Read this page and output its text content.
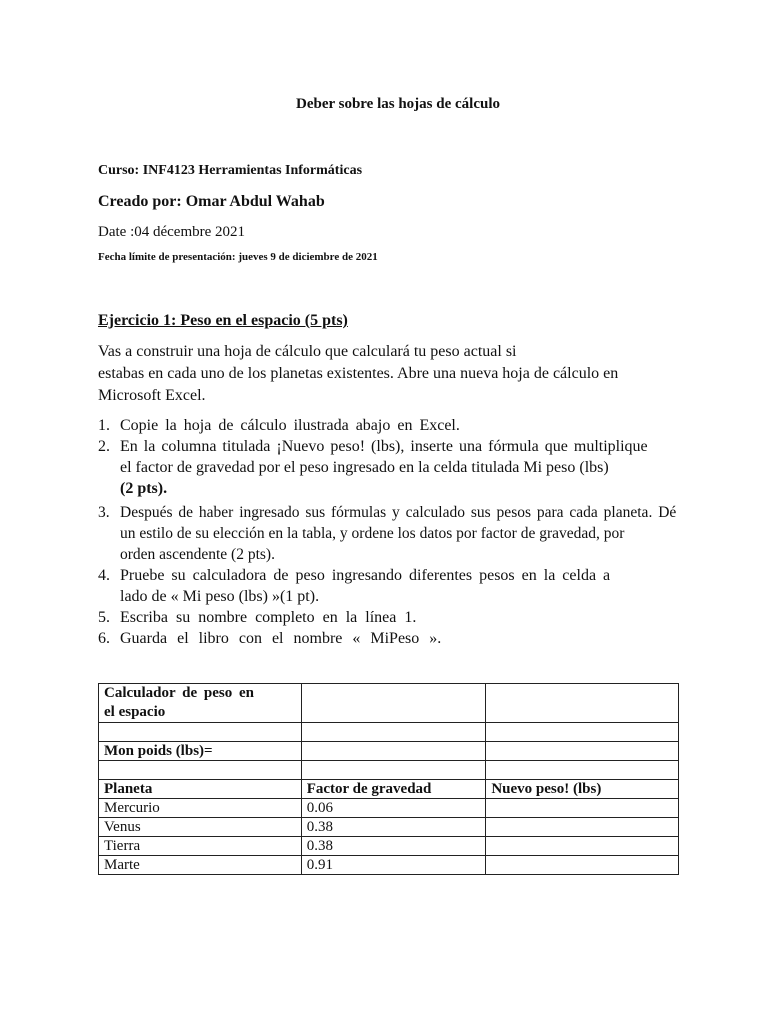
Deber sobre las hojas de cálculo
Curso: INF4123 Herramientas Informáticas
Creado por: Omar Abdul Wahab
Date :04 décembre 2021
Fecha límite de presentación: jueves 9 de diciembre de 2021
Ejercicio 1: Peso en el espacio (5 pts)
Vas a construir una hoja de cálculo que calculará tu peso actual si
estabas en cada uno de los planetas existentes. Abre una nueva hoja de cálculo en
Microsoft Excel.
1. Copie la hoja de cálculo ilustrada abajo en Excel.
2. En la columna titulada ¡Nuevo peso! (lbs), inserte una fórmula que multiplique
el factor de gravedad por el peso ingresado en la celda titulada Mi peso (lbs)
(2 pts).
3. Después de haber ingresado sus fórmulas y calculado sus pesos para cada planeta. Dé
un estilo de su elección en la tabla, y ordene los datos por factor de gravedad, por
orden ascendente (2 pts).
4. Pruebe su calculadora de peso ingresando diferentes pesos en la celda a
lado de « Mi peso (lbs) »(1 pt).
5. Escriba su nombre completo en la línea 1.
6. Guarda el libro con el nombre « MiPeso ».
Calculador de peso en
el espacio		

Mon poids (lbs)=		

Planeta	Factor de gravedad	Nuevo peso! (lbs)
Mercurio	0.06	
Venus	0.38	
Tierra	0.38	
Marte	0.91	
